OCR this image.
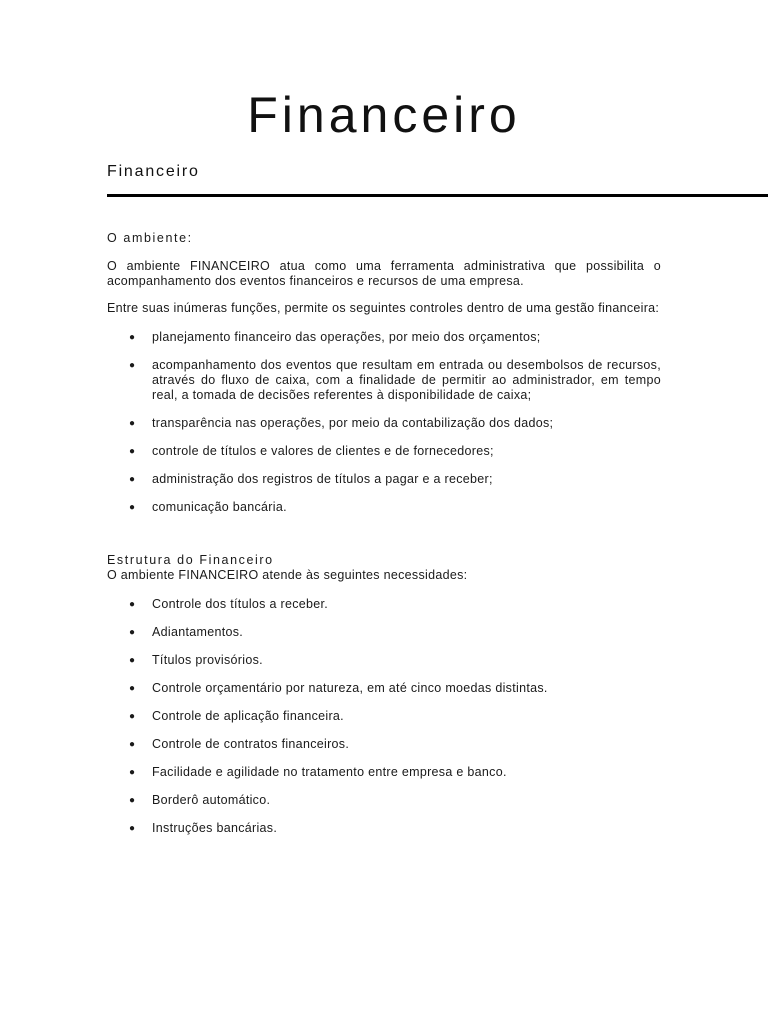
Financeiro
Financeiro

O ambiente:

O ambiente FINANCEIRO atua como uma ferramenta administrativa que possibilita o acompanhamento dos eventos financeiros e recursos de uma empresa.

Entre suas inúmeras funções, permite os seguintes controles dentro de uma gestão financeira:

● planejamento financeiro das operações, por meio dos orçamentos;
● acompanhamento dos eventos que resultam em entrada ou desembolsos de recursos, através do fluxo de caixa, com a finalidade de permitir ao administrador, em tempo real, a tomada de decisões referentes à disponibilidade de caixa;
● transparência nas operações, por meio da contabilização dos dados;
● controle de títulos e valores de clientes e de fornecedores;
● administração dos registros de títulos a pagar e a receber;
● comunicação bancária.

Estrutura do Financeiro

O ambiente FINANCEIRO atende às seguintes necessidades:

● Controle dos títulos a receber.
● Adiantamentos.
● Títulos provisórios.
● Controle orçamentário por natureza, em até cinco moedas distintas.
● Controle de aplicação financeira.
● Controle de contratos financeiros.
● Facilidade e agilidade no tratamento entre empresa e banco.
● Borderô automático.
● Instruções bancárias.
